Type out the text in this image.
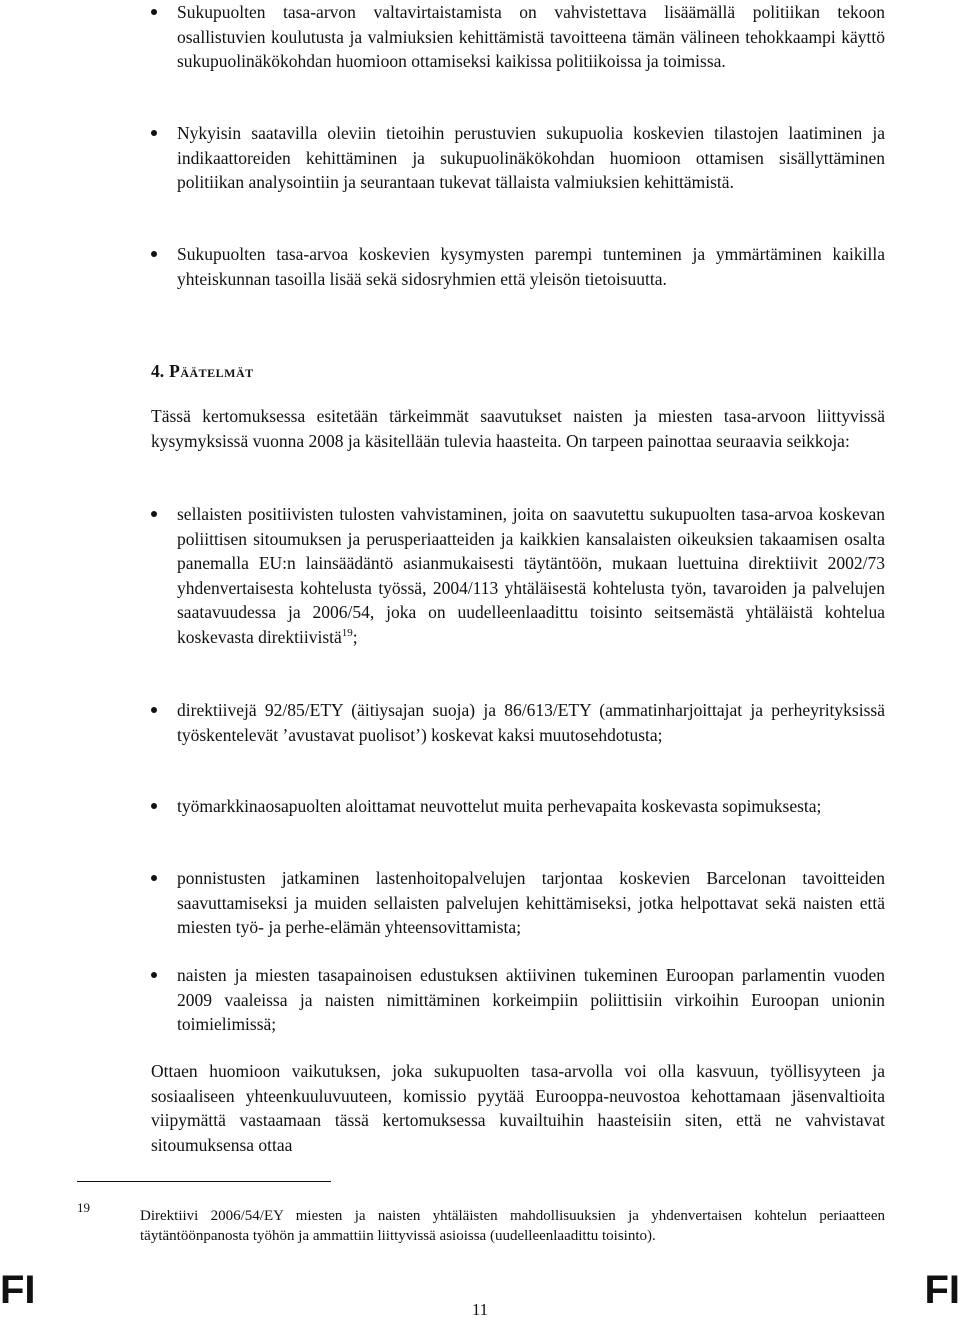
Sukupuolten tasa-arvon valtavirtaistamista on vahvistettava lisäämällä politiikan tekoon osallistuvien koulutusta ja valmiuksien kehittämistä tavoitteena tämän välineen tehokkaampi käyttö sukupuolinäkökohdan huomioon ottamiseksi kaikissa politiikoissa ja toimissa.
Nykyisin saatavilla oleviin tietoihin perustuvien sukupuolia koskevien tilastojen laatiminen ja indikaattoreiden kehittäminen ja sukupuolinäkökohdan huomioon ottamisen sisällyttäminen politiikan analysointiin ja seurantaan tukevat tällaista valmiuksien kehittämistä.
Sukupuolten tasa-arvoa koskevien kysymysten parempi tunteminen ja ymmärtäminen kaikilla yhteiskunnan tasoilla lisää sekä sidosryhmien että yleisön tietoisuutta.
4. Päätelmät
Tässä kertomuksessa esitetään tärkeimmät saavutukset naisten ja miesten tasa-arvoon liittyvissä kysymyksissä vuonna 2008 ja käsitellään tulevia haasteita. On tarpeen painottaa seuraavia seikkoja:
sellaisten positiivisten tulosten vahvistaminen, joita on saavutettu sukupuolten tasa-arvoa koskevan poliittisen sitoumuksen ja perusperiaatteiden ja kaikkien kansalaisten oikeuksien takaamisen osalta panemalla EU:n lainsäädäntö asianmukaisesti täytäntöön, mukaan luettuina direktiivit 2002/73 yhdenvertaisesta kohtelusta työssä, 2004/113 yhtäläisestä kohtelusta työn, tavaroiden ja palvelujen saatavuudessa ja 2006/54, joka on uudelleenlaadittu toisinto seitsemästä yhtäläistä kohtelua koskevasta direktiivistä$^{19}$;
direktiivejä 92/85/ETY (äitiysajan suoja) ja 86/613/ETY (ammatinharjoittajat ja perheyrityksissä työskentelevät ’avustavat puolisot’) koskevat kaksi muutosehdotusta;
työmarkkinaosapuolten aloittamat neuvottelut muita perhevapaita koskevasta sopimuksesta;
ponnistusten jatkaminen lastenhoitopalvelujen tarjontaa koskevien Barcelonan tavoitteiden saavuttamiseksi ja muiden sellaisten palvelujen kehittämiseksi, jotka helpottavat sekä naisten että miesten työ- ja perhe-elämän yhteensovittamista;
naisten ja miesten tasapainoisen edustuksen aktiivinen tukeminen Euroopan parlamentin vuoden 2009 vaaleissa ja naisten nimittäminen korkeimpiin poliittisiin virkoihin Euroopan unionin toimielimissä;
Ottaen huomioon vaikutuksen, joka sukupuolten tasa-arvolla voi olla kasvuun, työllisyyteen ja sosiaaliseen yhteenkuuluvuuteen, komissio pyytää Eurooppa-neuvostoa kehottamaan jäsenvaltioita viipymättä vastaamaan tässä kertomuksessa kuvailtuihin haasteisiin siten, että ne vahvistavat sitoumuksensa ottaa
19
Direktiivi 2006/54/EY miesten ja naisten yhtäläisten mahdollisuuksien ja yhdenvertaisen kohtelun periaatteen täytäntöönpanosta työhön ja ammattiin liittyvissä asioissa (uudelleenlaadittu toisinto).
FI	11	FI
